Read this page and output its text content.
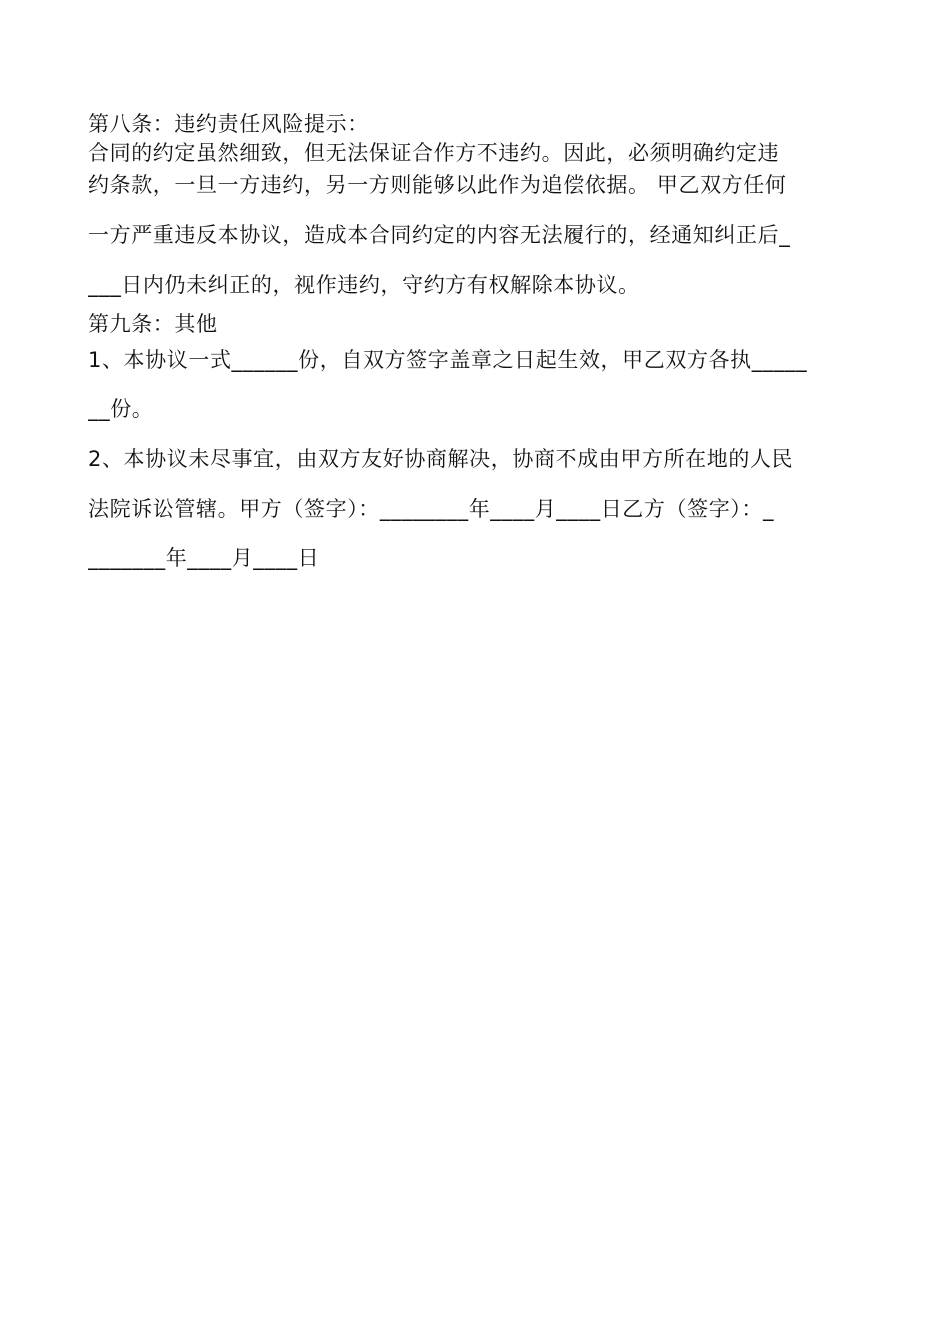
第八条：违约责任风险提示：
合同的约定虽然细致，但无法保证合作方不违约。因此，必须明确约定违
约条款，一旦一方违约，另一方则能够以此作为追偿依据。 甲乙双方任何
一方严重违反本协议，造成本合同约定的内容无法履行的，经通知纠正后_
___日内仍未纠正的，视作违约，守约方有权解除本协议。
第九条：其他
1、本协议一式______份，自双方签字盖章之日起生效，甲乙双方各执_____
__份。
2、本协议未尽事宜，由双方友好协商解决，协商不成由甲方所在地的人民
法院诉讼管辖。甲方（签字）：________年____月____日乙方（签字）：_
_______年____月____日
